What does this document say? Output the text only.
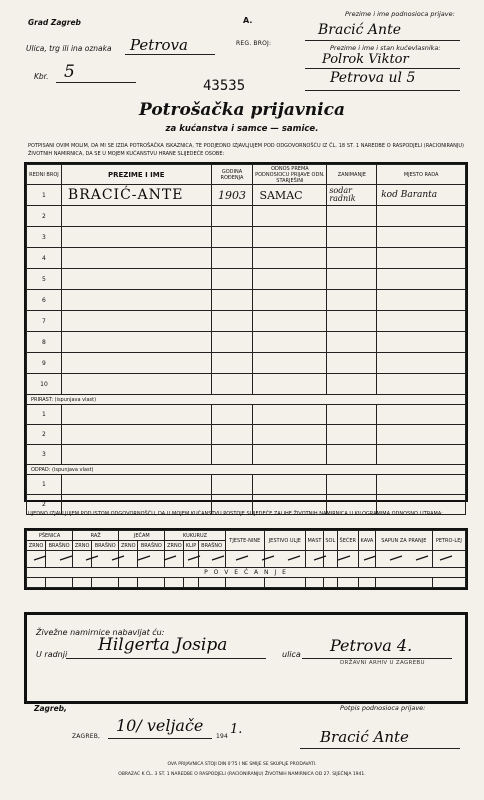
Grad Zagreb	A.
Ulica, trg ili ina oznaka Petrova	REG. BROJ:
Kbr. 5
43535
Prezime i ime podnosioca prijave:
Bracić Ante
Prezime i ime i stan kućevlasnika:
Polrok Viktor
Petrova ul 5
Potrošačka prijavnica
za kućanstva i samce — samice.
POTPISANI OVIM MOLIM, DA MI SE IZDA POTROŠAČKA ISKAZNICA, TE PODJEDNO IZJAVLJUJEM POD ODGOVORNOŠĆU IZ ČL. 18 ST. 1 NAREDBE O RASPODJELI (RACIONIRANJU) ŽIVOTNIH NAMIRNICA, DA SE U MOJEM KUĆANSTVU HRANE SLIJEDEĆE OSOBE:
REDNI BROJ	PREZIME I IME	GODINA ROĐENJA	ODNOS PREMA PODNOSIOCU PRIJAVE ODN. STARJEŠINI	ZANIMANJE	MJESTO RADA
1	BRACIĆ-ANTE	1903	SAMAC	sodar radnik	kod Baranta
2					
3					
4					
5					
6					
7					
8					
9					
10					
PRIRAST: (ispunjava vlast)					
1					
2					
3					
ODPAD: (ispunjava vlast)					
1					
2					
UJEDNO IZJAVLJUJEM POD ISTOM ODGOVORNOŠĆU, DA U MOJEM KUĆANSTVU POSTOJE SLIJEDEĆE ZALIHE ŽIVOTNIH NAMIRNICA U KILOGRAMIMA ODNOSNO LITRAMA:
PŠENICA		RAŽ		JEČAM		KUKURUZ			TJESTE-NINE	JESTIVO ULJE	MAST	SOL	ŠEĆER	KAVA	SAPUN ZA PRANJE	PETRO-LEJ
ZRNO	BRAŠNO	ZRNO	BRAŠNO	ZRNO	BRAŠNO	ZRNO	KLIP	BRAŠNO								

P O V E Ć A N J E																

Živežne namirnice nabavljat ću:
U radnji Hilgerta Josipa	ulica Petrova 4.
DRŽAVNI ARHIV U ZAGREBU
Zagreb,	Potpis podnosioca prijave:
ZAGREB,
10/ veljače
194 1.	Bracić Ante
OVA PRIJAVNICA STOJI DIN 0'75 I NE SMIJE SE SKUPLJE PRODAVATI.
OBRAZAC K ČL. 3 ST. 1 NAREDBE O RASPODJELI (RACIONIRANJU) ŽIVOTNIH NAMIRNICA OD 27. SIJEČNJA 1941.
